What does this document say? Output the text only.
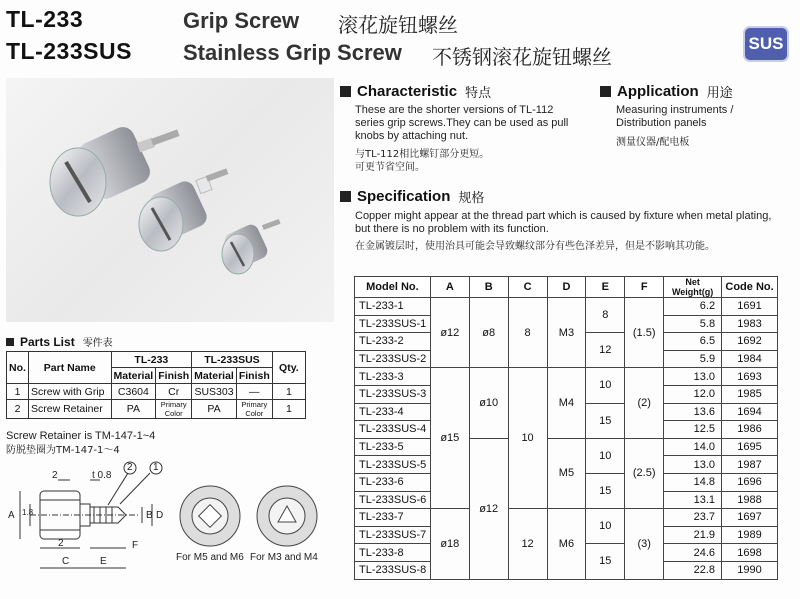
TL-233	Grip Screw 滚花旋钮螺丝
TL-233SUS Stainless Grip Screw 不锈钢滚花旋钮螺丝
SUS
Characteristic 特点
These are the shorter versions of TL-112
series grip screws.They can be used as pull
knobs by attaching nut.
与TL-112相比螺钉部分更短。
可更节省空间。
Application 用途
Measuring instruments /
Distribution panels
测量仪器/配电板
Specification 规格
Copper might appear at the thread part which is caused by fixture when metal plating,
but there is no problem with its function.
在金属镀层时，使用治具可能会导致螺纹部分有些色泽差异，但是不影响其功能。
Parts List 零件表
No.	Part Name	TL-233		TL-233SUS		Qty.
		Material	Finish	Material	Finish	
1	Screw with Grip	C3604	Cr	SUS303	—	1
2	Screw Retainer	PA	Primary Color	PA	Primary Color	1
Screw Retainer is TM-147-1~4
防脱垫圈为TM-147-1～4
2	t 0.8
2 1
A 1.8	B D
2	F
C	E	For M5 and M6 For M3 and M4
Model No.	A	B	C	D	E	F	Net Weight(g)	Code No.
TL-233-1	ø12	ø8	8	M3	8	(1.5)	6.2	1691
TL-233SUS-1							5.8	1983
TL-233-2					12		6.5	1692
TL-233SUS-2							5.9	1984
TL-233-3	ø15	ø10	10	M4	10	(2)	13.0	1693
TL-233SUS-3							12.0	1985
TL-233-4					15		13.6	1694
TL-233SUS-4							12.5	1986
TL-233-5		ø12		M5	10	(2.5)	14.0	1695
TL-233SUS-5							13.0	1987
TL-233-6					15		14.8	1696
TL-233SUS-6							13.1	1988
TL-233-7	ø18		12	M6	10	(3)	23.7	1697
TL-233SUS-7							21.9	1989
TL-233-8					15		24.6	1698
TL-233SUS-8							22.8	1990
